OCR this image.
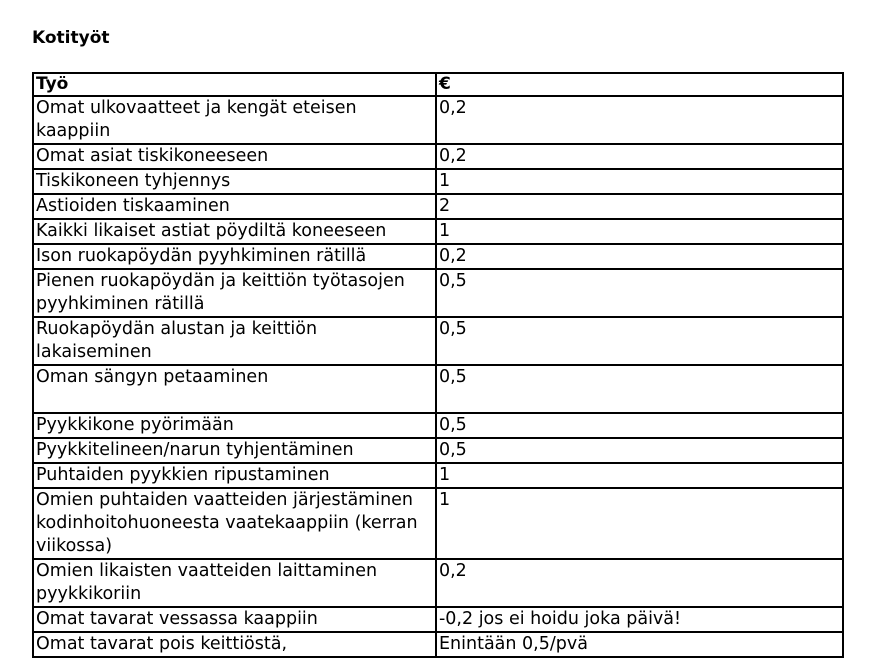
Kotityöt
Työ	€
Omat ulkovaatteet ja kengät eteisen kaappiin	0,2
Omat asiat tiskikoneeseen	0,2
Tiskikoneen tyhjennys	1
Astioiden tiskaaminen	2
Kaikki likaiset astiat pöydiltä koneeseen	1
Ison ruokapöydän pyyhkiminen rätillä	0,2
Pienen ruokapöydän ja keittiön työtasojen pyyhkiminen rätillä	0,5
Ruokapöydän alustan ja keittiön lakaiseminen	0,5
Oman sängyn petaaminen	0,5
Pyykkikone pyörimään	0,5
Pyykkitelineen/narun tyhjentäminen	0,5
Puhtaiden pyykkien ripustaminen	1
Omien puhtaiden vaatteiden järjestäminen kodinhoitohuoneesta vaatekaappiin (kerran viikossa)	1
Omien likaisten vaatteiden laittaminen pyykkikoriin	0,2
Omat tavarat vessassa kaappiin	-0,2 jos ei hoidu joka päivä!
Omat tavarat pois keittiöstä,	Enintään 0,5/pvä
